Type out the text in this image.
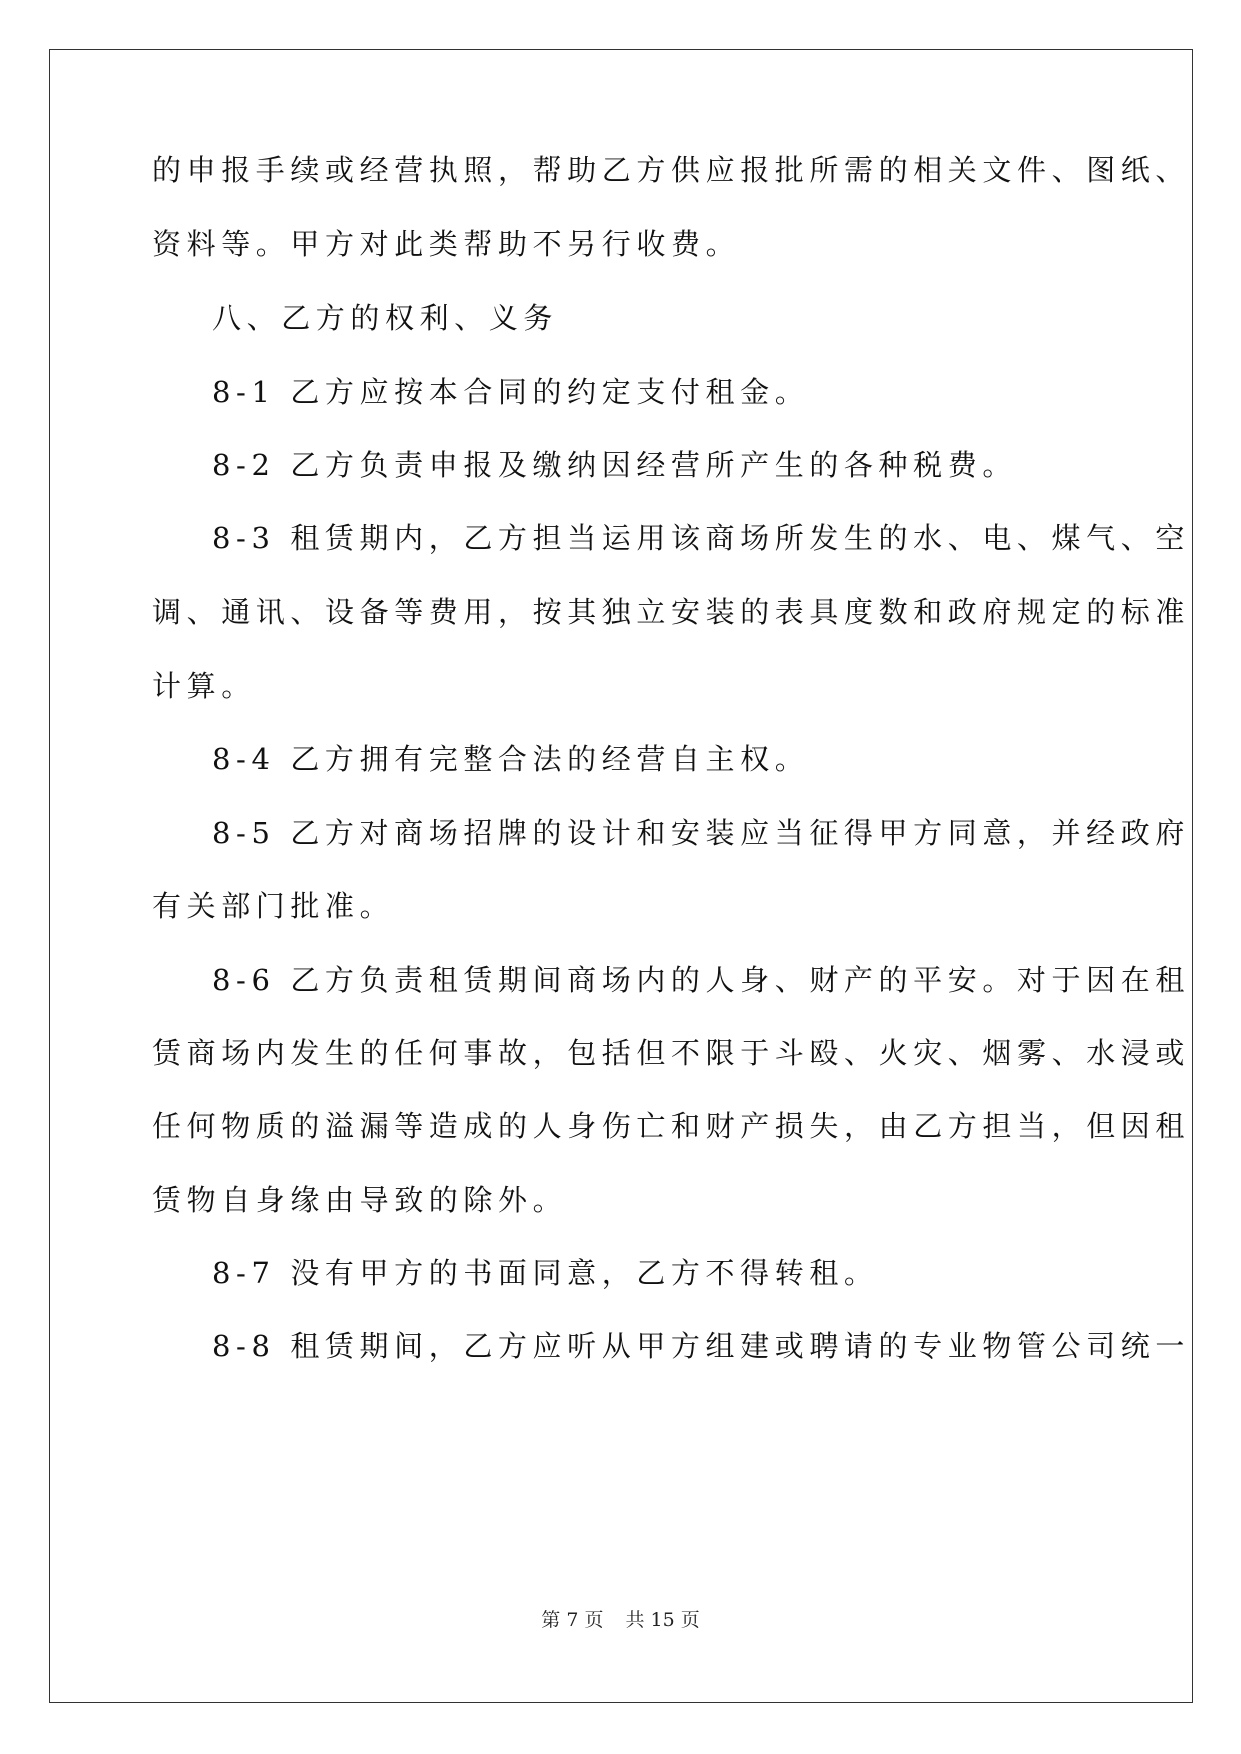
的申报手续或经营执照，帮助乙方供应报批所需的相关文件、图纸、
资料等。甲方对此类帮助不另行收费。
八、乙方的权利、义务
8-1 乙方应按本合同的约定支付租金。
8-2 乙方负责申报及缴纳因经营所产生的各种税费。
8-3 租赁期内，乙方担当运用该商场所发生的水、电、煤气、空
调、通讯、设备等费用，按其独立安装的表具度数和政府规定的标准
计算。
8-4 乙方拥有完整合法的经营自主权。
8-5 乙方对商场招牌的设计和安装应当征得甲方同意，并经政府
有关部门批准。
8-6 乙方负责租赁期间商场内的人身、财产的平安。对于因在租
赁商场内发生的任何事故，包括但不限于斗殴、火灾、烟雾、水浸或
任何物质的溢漏等造成的人身伤亡和财产损失，由乙方担当，但因租
赁物自身缘由导致的除外。
8-7 没有甲方的书面同意，乙方不得转租。
8-8 租赁期间，乙方应听从甲方组建或聘请的专业物管公司统一
第 7 页 共 15 页
